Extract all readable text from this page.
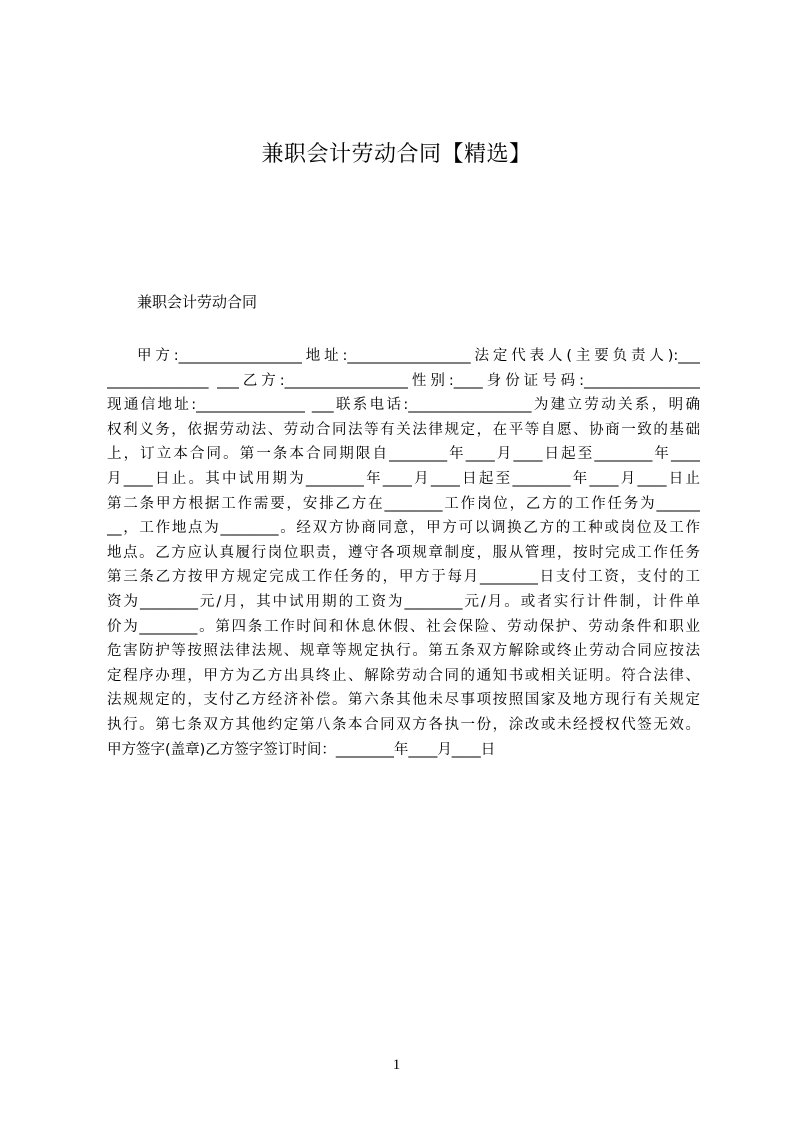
兼职会计劳动合同【精选】
兼职会计劳动合同
甲方:_________________地址:_________________法定代表人(主要负责人):___
______________ ___乙方:_________________性别:____身份证号码:________________
现通信地址:_______________ ___联系电话:_________________为建立劳动关系，明确
权利义务，依据劳动法、劳动合同法等有关法律规定，在平等自愿、协商一致的基础
上，订立本合同。第一条本合同期限自________年____月____日起至________年____
月____日止。其中试用期为________年____月____日起至________年____月____日止
第二条甲方根据工作需要，安排乙方在________工作岗位，乙方的工作任务为______
__，工作地点为________。经双方协商同意，甲方可以调换乙方的工种或岗位及工作
地点。乙方应认真履行岗位职责，遵守各项规章制度，服从管理，按时完成工作任务
第三条乙方按甲方规定完成工作任务的，甲方于每月________日支付工资，支付的工
资为________元/月，其中试用期的工资为________元/月。或者实行计件制，计件单
价为________。第四条工作时间和休息休假、社会保险、劳动保护、劳动条件和职业
危害防护等按照法律法规、规章等规定执行。第五条双方解除或终止劳动合同应按法
定程序办理，甲方为乙方出具终止、解除劳动合同的通知书或相关证明。符合法律、
法规规定的，支付乙方经济补偿。第六条其他未尽事项按照国家及地方现行有关规定
执行。第七条双方其他约定第八条本合同双方各执一份，涂改或未经授权代签无效。
甲方签字(盖章)乙方签字签订时间：________年____月____日
1
